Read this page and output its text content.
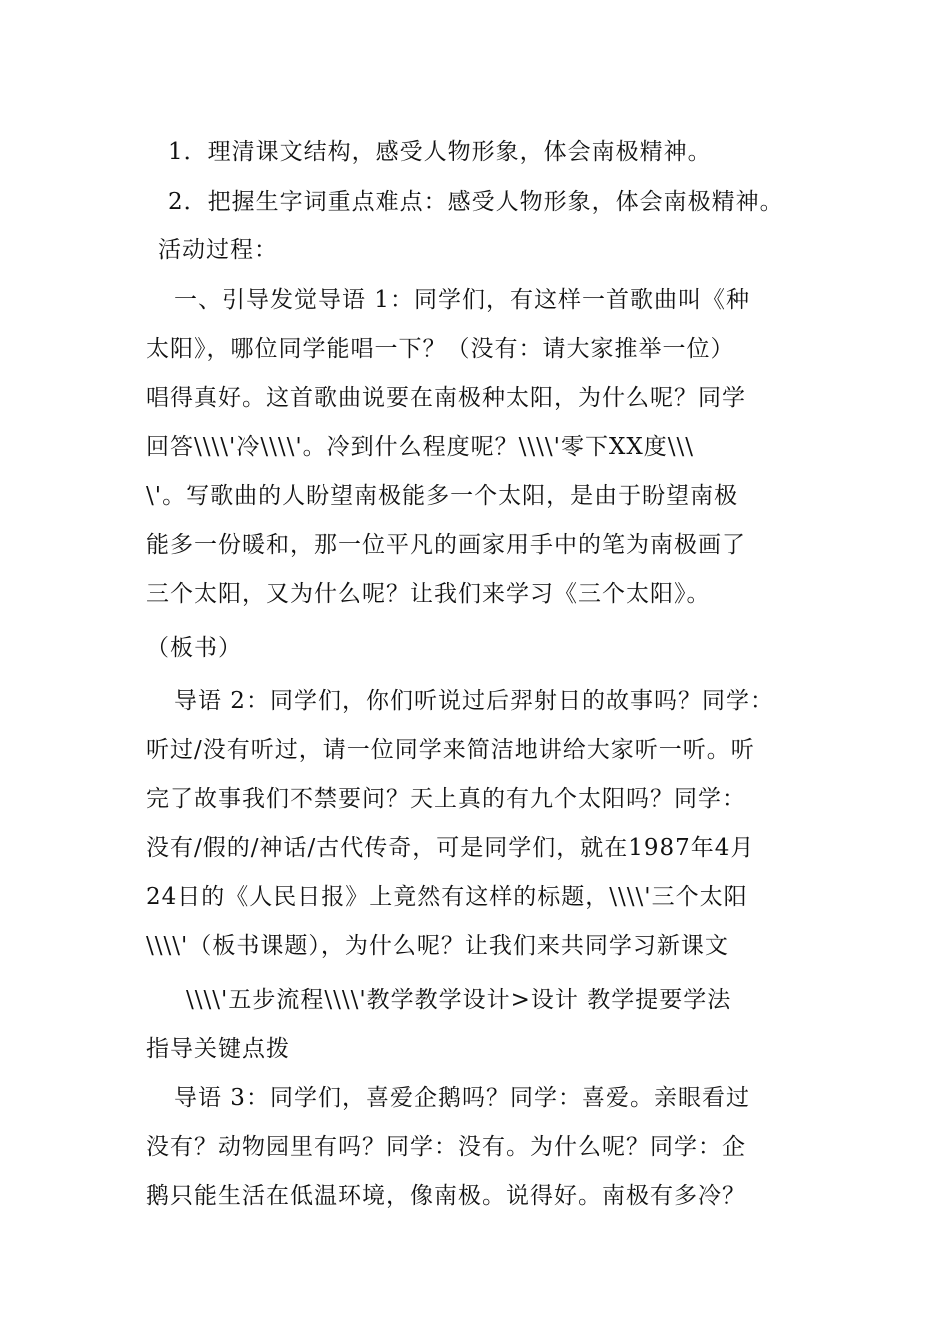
1．理清课文结构，感受人物形象，体会南极精神。

2．把握生字词重点难点：感受人物形象，体会南极精神。

活动过程：

一、引导发觉导语 1：同学们，有这样一首歌曲叫《种

太阳》，哪位同学能唱一下？（没有：请大家推举一位）

唱得真好。这首歌曲说要在南极种太阳，为什么呢？同学

回答\\\\'冷\\\\'。冷到什么程度呢？\\\\'零下XX度\\\

\'。写歌曲的人盼望南极能多一个太阳，是由于盼望南极

能多一份暖和，那一位平凡的画家用手中的笔为南极画了

三个太阳，又为什么呢？让我们来学习《三个太阳》。

（板书）

导语 2：同学们，你们听说过后羿射日的故事吗？同学：

听过/没有听过，请一位同学来简洁地讲给大家听一听。听

完了故事我们不禁要问？天上真的有九个太阳吗？同学：

没有/假的/神话/古代传奇，可是同学们，就在1987年4月

24日的《人民日报》上竟然有这样的标题，\\\\'三个太阳

\\\\'（板书课题），为什么呢？让我们来共同学习新课文

\\\\'五步流程\\\\'教学教学设计>设计 教学提要学法

指导关键点拨

导语 3：同学们，喜爱企鹅吗？同学：喜爱。亲眼看过

没有？动物园里有吗？同学：没有。为什么呢？同学：企

鹅只能生活在低温环境，像南极。说得好。南极有多冷？
